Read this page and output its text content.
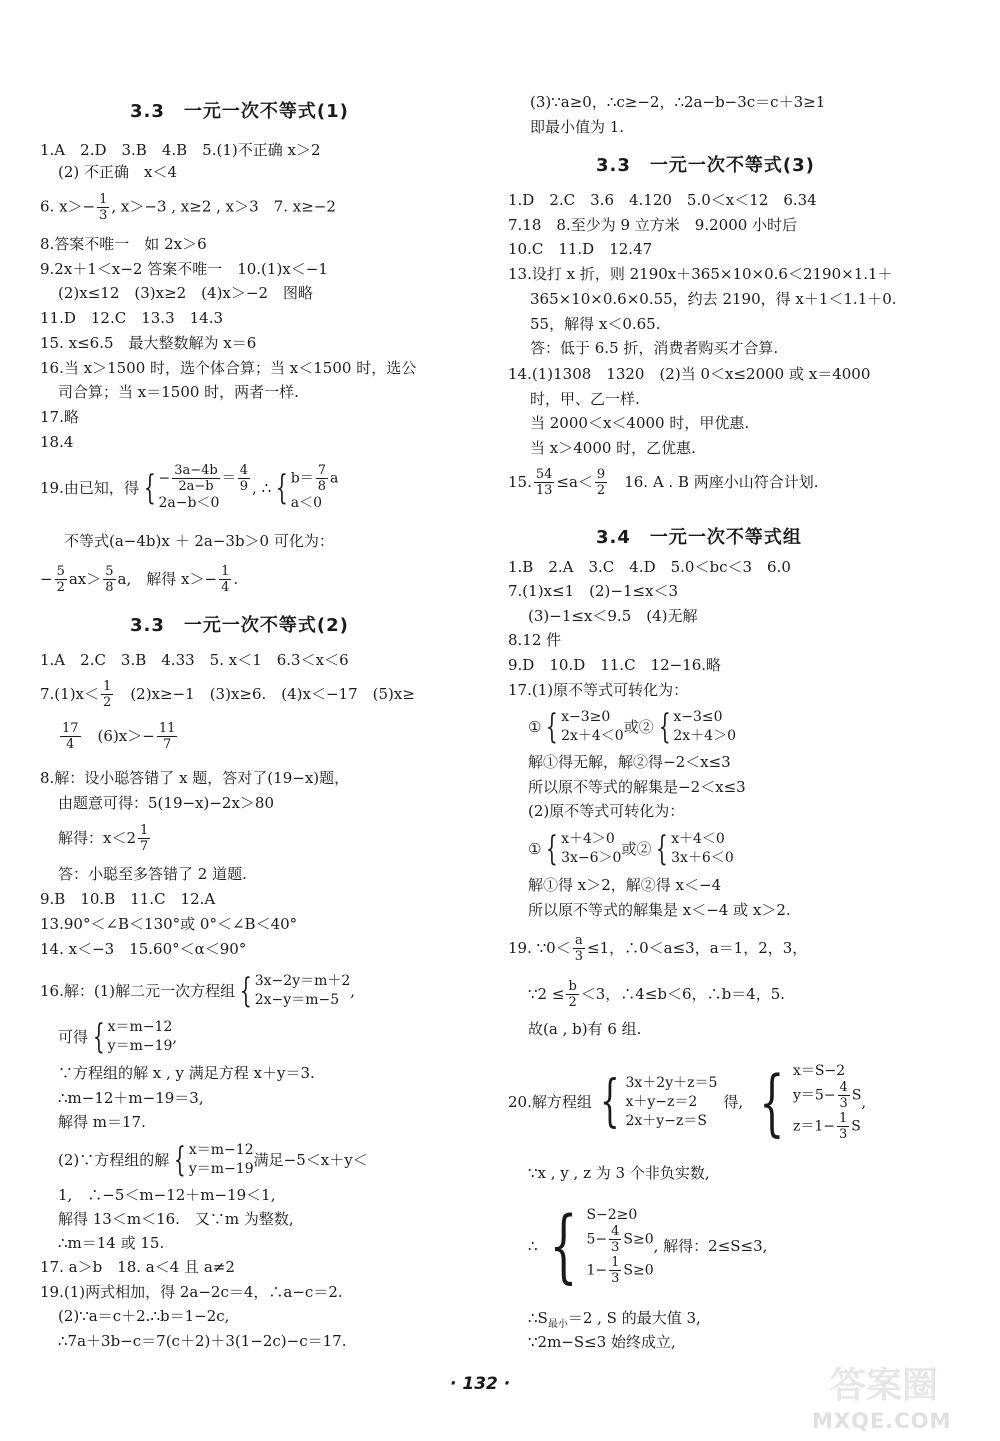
3.3　一元一次不等式(1)
1.A　2.D　3.B　4.B　5.(1)不正确 x＞2
(2) 不正确　x＜4
6. $x>- \frac{1}{3}$ , x＞−3 , x≥2 , x＞3　7. x≥−2
8.答案不唯一　如 2x＞6
9.2x＋1＜x−2 答案不唯一　10.(1)x＜−1
(2)x≤12　(3)x≥2　(4)x＞−2　图略
11.D　12.C　13.3　14.3
15. x≤6.5　最大整数解为 x＝6
16.当 x＞1500 时，选个体合算；当 x＜1500 时，选公
司合算；当 x＝1500 时，两者一样.
17.略
18.4
19.由已知，得 { − $\frac{3a-4b}{2a-b} = \frac{4}{9}$
2a−b＜0
, ∴ { $b= \frac{7}{8}$ a
a＜0
不等式(a−4b)x ＋ 2a−3b＞0 可化为：
− $\frac{5}{2} ax> \frac{5}{8} a$,　解得 $x>- \frac{1}{4}$ .
3.3　一元一次不等式(2)
1.A　2.C　3.B　4.33　5. x＜1　6.3＜x＜6
$7.(1)x< \frac{1}{2}$ 　(2)x≥−1　(3)x≥6.　(4)x＜−17　(5)x≥
$\frac{17}{4}$ 　$(6)x>- \frac{11}{7}$
8.解：设小聪答错了 x 题，答对了(19−x)题，
由题意可得：5(19−x)−2x＞80
解得：$x<2 \frac{1}{7}$
答：小聪至多答错了 2 道题.
9.B　10.B　11.C　12.A
13.90°＜∠B＜130°或 0°＜∠B＜40°
14. x＜−3　15.60°＜α＜90°
16.解：(1)解二元一次方程组 { 3x−2y＝m＋2
2x−y＝m−5 ,
可得 { x＝m−12
y＝m−19 ,
∵方程组的解 x , y 满足方程 x＋y＝3.
∴m−12＋m−19＝3,
解得 m＝17.
(2)∵方程组的解 { x＝m−12
y＝m−19 满足−5＜x＋y＜
1,　∴−5＜m−12＋m−19＜1,
解得 13＜m＜16.　又∵m 为整数,
∴m＝14 或 15.
17. a＞b　18. a＜4 且 a≠2
19.(1)两式相加，得 2a−2c＝4，∴a−c＝2.
(2)∵a＝c＋2.∴b＝1−2c,
∴7a＋3b−c＝7(c＋2)＋3(1−2c)−c＝17.
(3)∵a≥0，∴c≥−2，∴2a−b−3c＝c＋3≥1
即最小值为 1.
3.3　一元一次不等式(3)
1.D　2.C　3.6　4.120　5.0＜x＜12　6.34
7.18　8.至少为 9 立方米　9.2000 小时后
10.C　11.D　12.47
13.设打 x 折，则 2190x＋365×10×0.6＜2190×1.1＋
365×10×0.6×0.55，约去 2190，得 x＋1＜1.1＋0.
55，解得 x＜0.65.
答：低于 6.5 折，消费者购买才合算.
14.(1)1308　1320　(2)当 0＜x≤2000 或 x＝4000
时，甲、乙一样.
当 2000＜x＜4000 时，甲优惠.
当 x＞4000 时，乙优惠.
15. $\frac{54}{13} \le a< \frac{9}{2}$ 　16. A . B 两座小山符合计划.
3.4　一元一次不等式组
1.B　2.A　3.C　4.D　5.0＜bc＜3　6.0
7.(1)x≤1　(2)−1≤x＜3
(3)−1≤x＜9.5　(4)无解
8.12 件
9.D　10.D　11.C　12−16.略
17.(1)原不等式可转化为：
① { x−3≥0
2x＋4＜0 或② { x−3≤0
2x＋4＞0
解①得无解，解②得−2＜x≤3
所以原不等式的解集是−2＜x≤3
(2)原不等式可转化为：
① { x＋4＞0
3x−6＞0 或② { x＋4＜0
3x＋6＜0
解①得 x＞2，解②得 x＜−4
所以原不等式的解集是 x＜−4 或 x＞2.
19. ∵0＜ $\frac{a}{3} \le 1$，∴0＜a≤3，a＝1，2，3，
∵2 ≤ $\frac{b}{2} <3$，∴4≤b＜6，∴b＝4，5.
故(a , b)有 6 组.
20.解方程组 { 3x＋2y＋z＝5
x＋y−z＝2
2x＋y−z＝S
得, { x＝S−2
$y=5- \frac{4}{3}$ S
$z=1- \frac{1}{3}$ S
,
∵x , y , z 为 3 个非负实数,
∴ { S−2≥0
$5- \frac{4}{3} S\ge 0$
$1- \frac{1}{3} S\ge 0$
, 解得：2≤S≤3,
$\therefore S_{最小}=2$ , S 的最大值 3,
∵2m−S≤3 始终成立,
· 132 ·	答案圈
MXQE.COM
